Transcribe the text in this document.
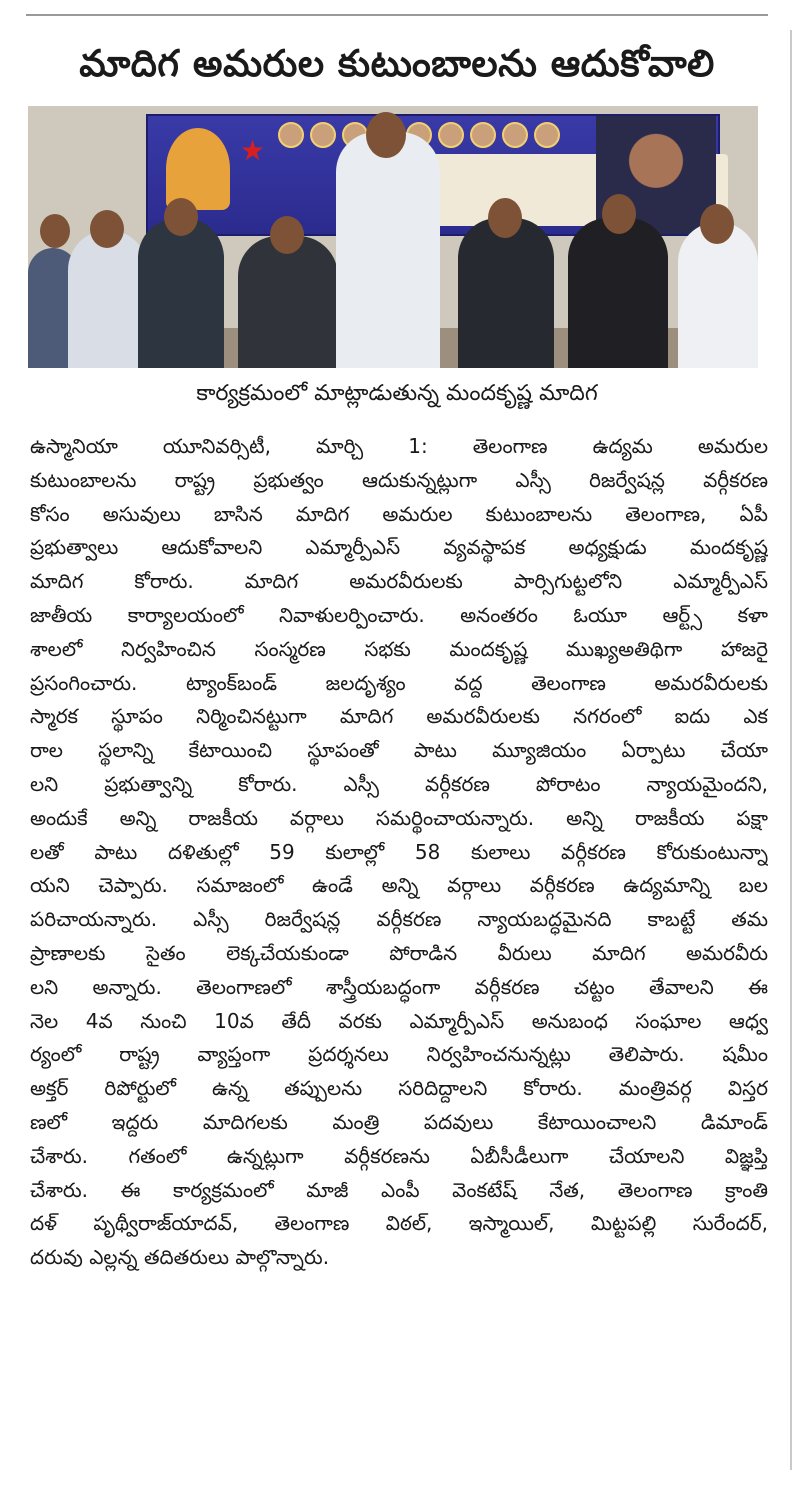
మాదిగ అమరుల కుటుంబాలను ఆదుకోవాలి
★
కార్యక్రమంలో మాట్లాడుతున్న మందకృష్ణ మాదిగ
ఉస్మానియా యూనివర్సిటీ, మార్చి 1: తెలంగాణ ఉద్యమ అమరుల
కుటుంబాలను రాష్ట్ర ప్రభుత్వం ఆదుకున్నట్లుగా ఎస్సీ రిజర్వేషన్ల వర్గీకరణ
కోసం అసువులు బాసిన మాదిగ అమరుల కుటుంబాలను తెలంగాణ, ఏపీ
ప్రభుత్వాలు ఆదుకోవాలని ఎమ్మార్పీఎస్ వ్యవస్థాపక అధ్యక్షుడు మందకృష్ణ
మాదిగ కోరారు. మాదిగ అమరవీరులకు పార్సిగుట్టలోని ఎమ్మార్పీఎస్
జాతీయ కార్యాలయంలో నివాళులర్పించారు. అనంతరం ఓయూ ఆర్ట్స్ కళా
శాలలో నిర్వహించిన సంస్మరణ సభకు మందకృష్ణ ముఖ్యఅతిథిగా హాజరై
ప్రసంగించారు. ట్యాంక్‌బండ్ జలదృశ్యం వద్ద తెలంగాణ అమరవీరులకు
స్మారక స్థూపం నిర్మించినట్టుగా మాదిగ అమరవీరులకు నగరంలో ఐదు ఎక
రాల స్థలాన్ని కేటాయించి స్థూపంతో పాటు మ్యూజియం ఏర్పాటు చేయా
లని ప్రభుత్వాన్ని కోరారు. ఎస్సీ వర్గీకరణ పోరాటం న్యాయమైందని,
అందుకే అన్ని రాజకీయ వర్గాలు సమర్థించాయన్నారు. అన్ని రాజకీయ పక్షా
లతో పాటు దళితుల్లో 59 కులాల్లో 58 కులాలు వర్గీకరణ కోరుకుంటున్నా
యని చెప్పారు. సమాజంలో ఉండే అన్ని వర్గాలు వర్గీకరణ ఉద్యమాన్ని బల
పరిచాయన్నారు. ఎస్సీ రిజర్వేషన్ల వర్గీకరణ న్యాయబద్ధమైనది కాబట్టే తమ
ప్రాణాలకు సైతం లెక్కచేయకుండా పోరాడిన వీరులు మాదిగ అమరవీరు
లని అన్నారు. తెలంగాణలో శాస్త్రీయబద్ధంగా వర్గీకరణ చట్టం తేవాలని ఈ
నెల 4వ నుంచి 10వ తేదీ వరకు ఎమ్మార్పీఎస్ అనుబంధ సంఘాల ఆధ్వ
ర్యంలో రాష్ట్ర వ్యాప్తంగా ప్రదర్శనలు నిర్వహించనున్నట్లు తెలిపారు. షమీం
అక్తర్ రిపోర్టులో ఉన్న తప్పులను సరిదిద్దాలని కోరారు. మంత్రివర్గ విస్తర
ణలో ఇద్దరు మాదిగలకు మంత్రి పదవులు కేటాయించాలని డిమాండ్
చేశారు. గతంలో ఉన్నట్లుగా వర్గీకరణను ఏబీసీడీలుగా చేయాలని విజ్ఞప్తి
చేశారు. ఈ కార్యక్రమంలో మాజీ ఎంపీ వెంకటేష్ నేత, తెలంగాణ క్రాంతి
దళ్ పృథ్వీరాజ్‌యాదవ్, తెలంగాణ విఠల్, ఇస్మాయిల్, మిట్టపల్లి సురేందర్,
దరువు ఎల్లన్న తదితరులు పాల్గొన్నారు.
